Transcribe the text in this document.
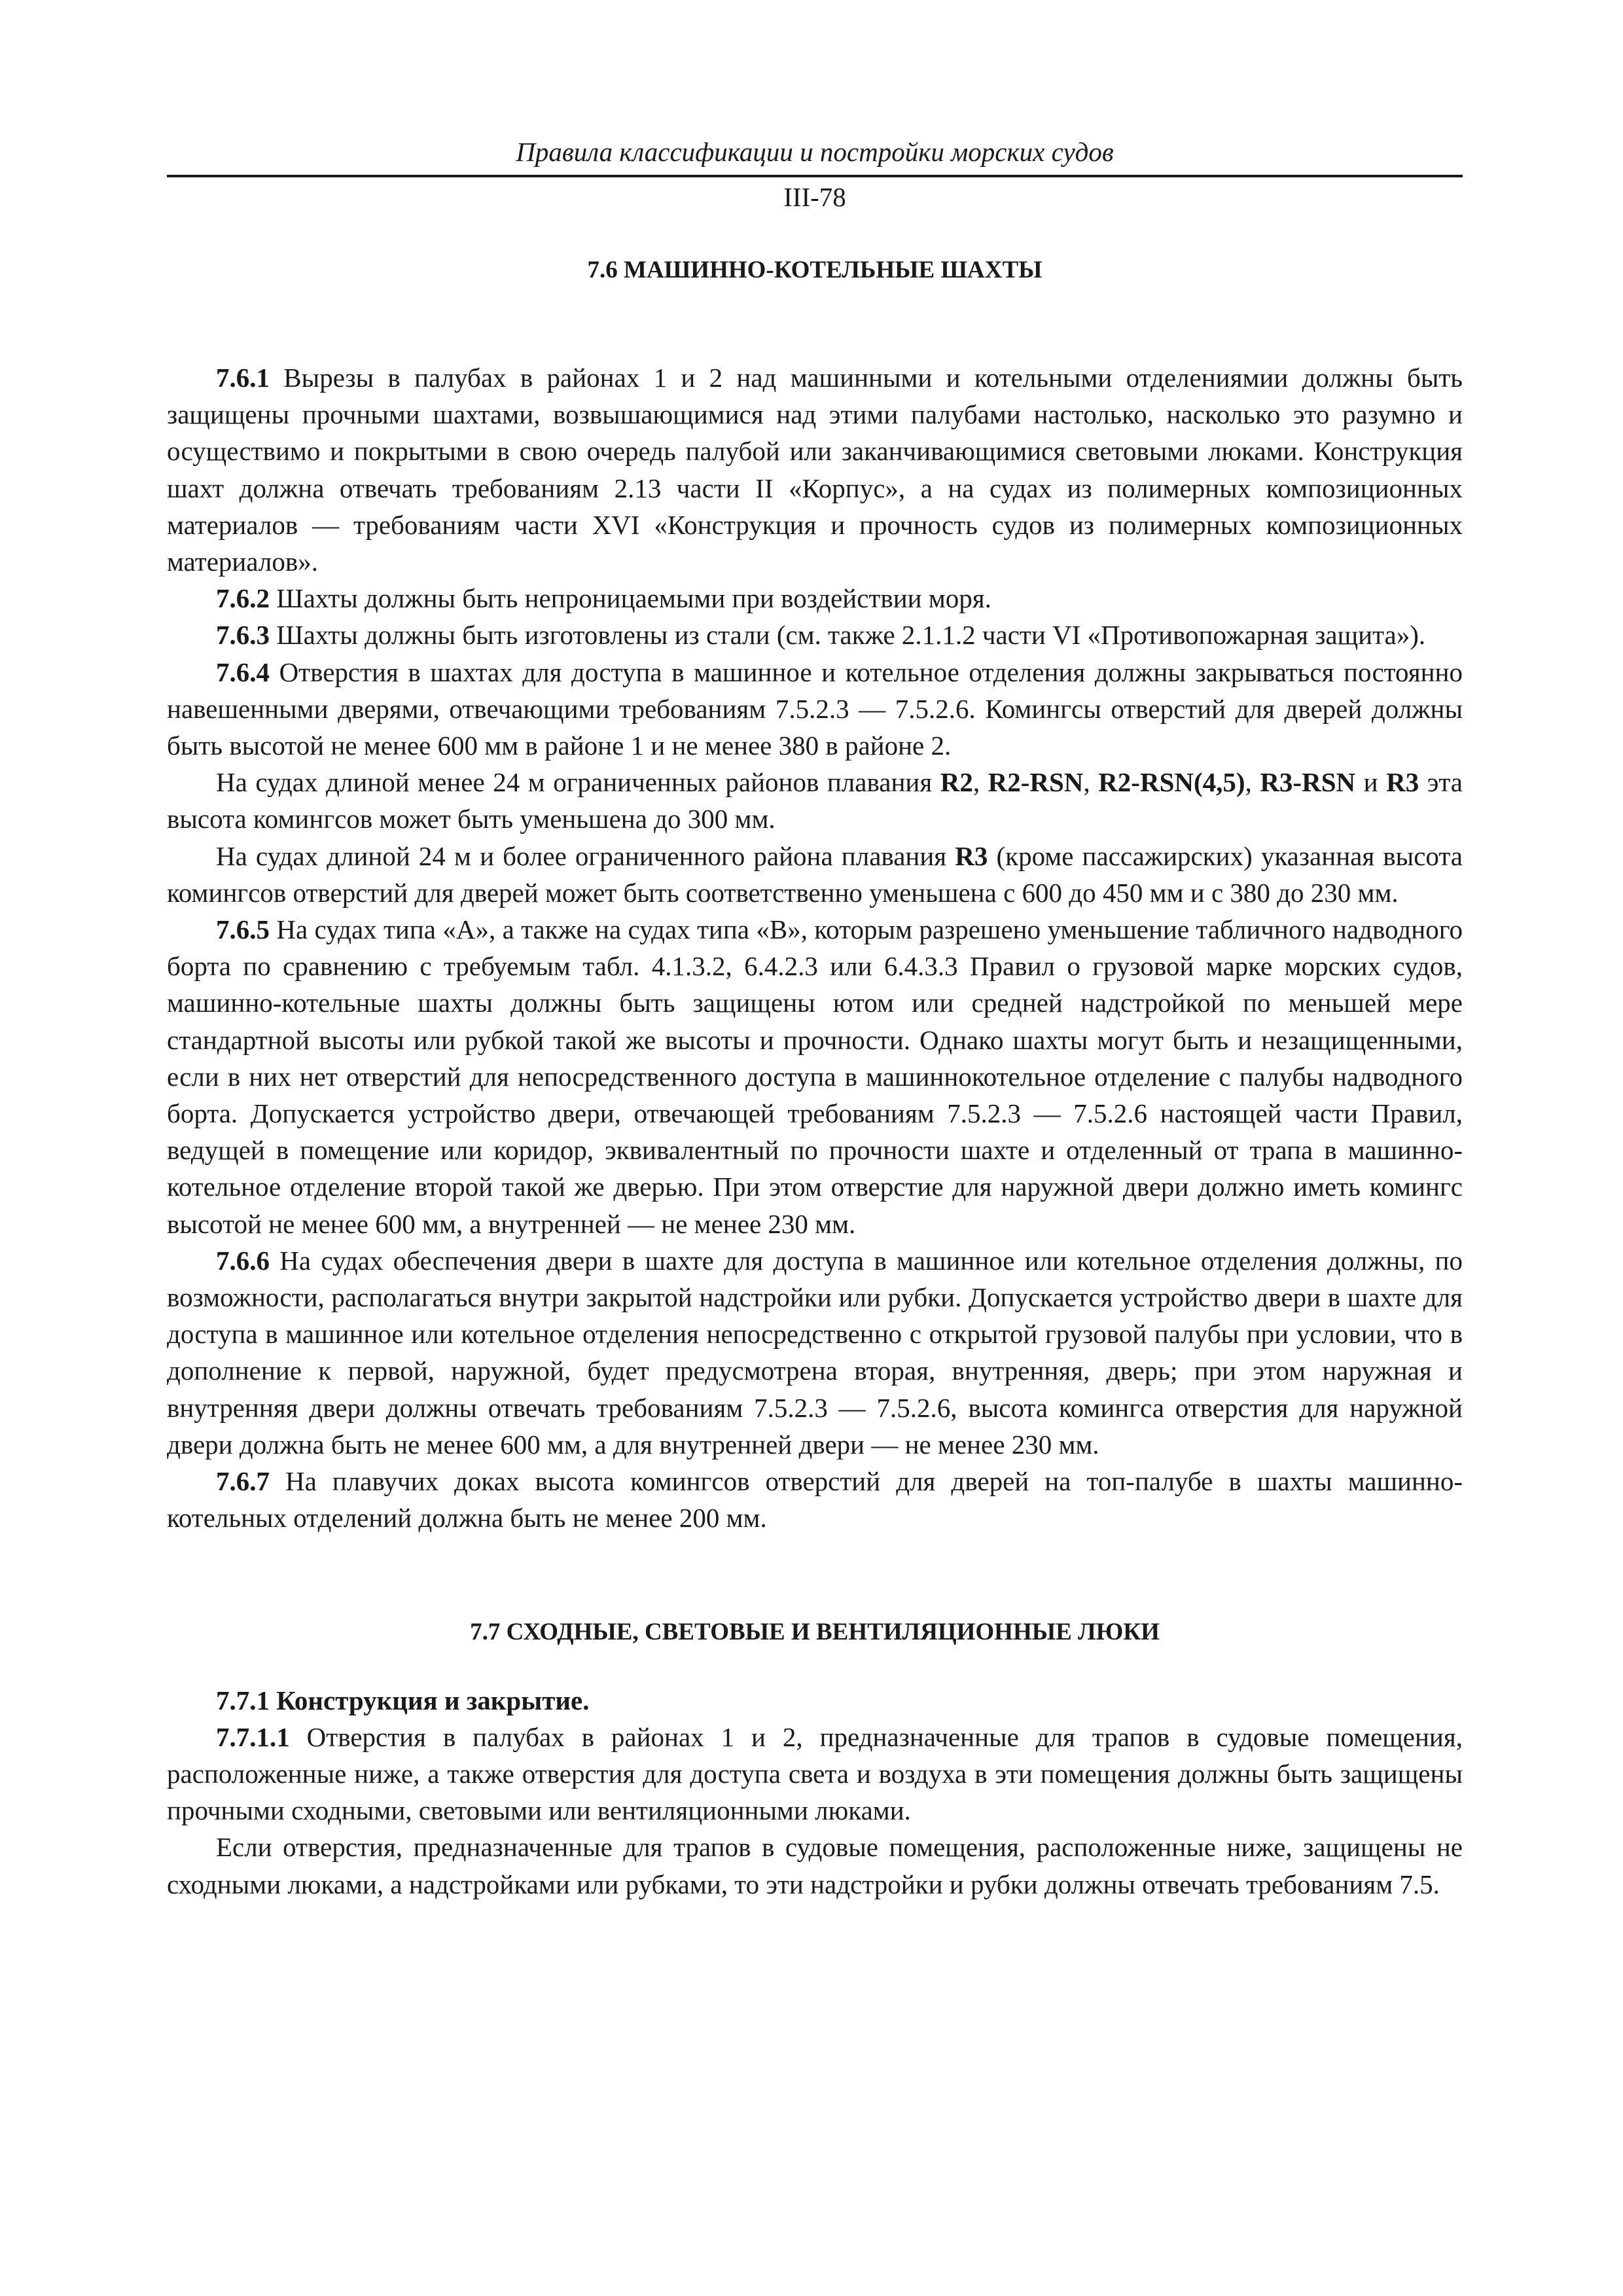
Правила классификации и постройки морских судов
III-78
7.6 МАШИННО-КОТЕЛЬНЫЕ ШАХТЫ

7.6.1 Вырезы в палубах в районах 1 и 2 над машинными и котельными отделениямии должны быть защищены прочными шахтами, возвышающимися над этими палубами настолько, насколько это разумно и осуществимо и покрытыми в свою очередь палубой или заканчивающимися световыми люками. Конструкция шахт должна отвечать требованиям 2.13 части II «Корпус», а на судах из полимерных композиционных материалов — требованиям части XVI «Конструкция и прочность судов из полимерных композиционных материалов».

7.6.2 Шахты должны быть непроницаемыми при воздействии моря.

7.6.3 Шахты должны быть изготовлены из стали (см. также 2.1.1.2 части VI «Противопожарная защита»).

7.6.4 Отверстия в шахтах для доступа в машинное и котельное отделения должны закрываться постоянно навешенными дверями, отвечающими требованиям 7.5.2.3 — 7.5.2.6. Комингсы отверстий для дверей должны быть высотой не менее 600 мм в районе 1 и не менее 380 в районе 2.

На судах длиной менее 24 м ограниченных районов плавания R2, R2-RSN, R2-RSN(4,5), R3-RSN и R3 эта высота комингсов может быть уменьшена до 300 мм.

На судах длиной 24 м и более ограниченного района плавания R3 (кроме пассажирских) указанная высота комингсов отверстий для дверей может быть соответственно уменьшена с 600 до 450 мм и с 380 до 230 мм.

7.6.5 На судах типа «А», а также на судах типа «В», которым разрешено уменьшение табличного надводного борта по сравнению с требуемым табл. 4.1.3.2, 6.4.2.3 или 6.4.3.3 Правил о грузовой марке морских судов, машинно-котельные шахты должны быть защищены ютом или средней надстройкой по меньшей мере стандартной высоты или рубкой такой же высоты и прочности. Однако шахты могут быть и незащищенными, если в них нет отверстий для непосредственного доступа в машиннокотельное отделение с палубы надводного борта. Допускается устройство двери, отвечающей требованиям 7.5.2.3 — 7.5.2.6 настоящей части Правил, ведущей в помещение или коридор, эквивалентный по прочности шахте и отделенный от трапа в машинно-котельное отделение второй такой же дверью. При этом отверстие для наружной двери должно иметь комингс высотой не менее 600 мм, а внутренней — не менее 230 мм.

7.6.6 На судах обеспечения двери в шахте для доступа в машинное или котельное отделения должны, по возможности, располагаться внутри закрытой надстройки или рубки. Допускается устройство двери в шахте для доступа в машинное или котельное отделения непосредственно с открытой грузовой палубы при условии, что в дополнение к первой, наружной, будет предусмотрена вторая, внутренняя, дверь; при этом наружная и внутренняя двери должны отвечать требованиям 7.5.2.3 — 7.5.2.6, высота комингса отверстия для наружной двери должна быть не менее 600 мм, а для внутренней двери — не менее 230 мм.

7.6.7 На плавучих доках высота комингсов отверстий для дверей на топ-палубе в шахты машинно-котельных отделений должна быть не менее 200 мм.

7.7 СХОДНЫЕ, СВЕТОВЫЕ И ВЕНТИЛЯЦИОННЫЕ ЛЮКИ

7.7.1 Конструкция и закрытие.

7.7.1.1 Отверстия в палубах в районах 1 и 2, предназначенные для трапов в судовые помещения, расположенные ниже, а также отверстия для доступа света и воздуха в эти помещения должны быть защищены прочными сходными, световыми или вентиляционными люками.

Если отверстия, предназначенные для трапов в судовые помещения, расположенные ниже, защищены не сходными люками, а надстройками или рубками, то эти надстройки и рубки должны отвечать требованиям 7.5.
